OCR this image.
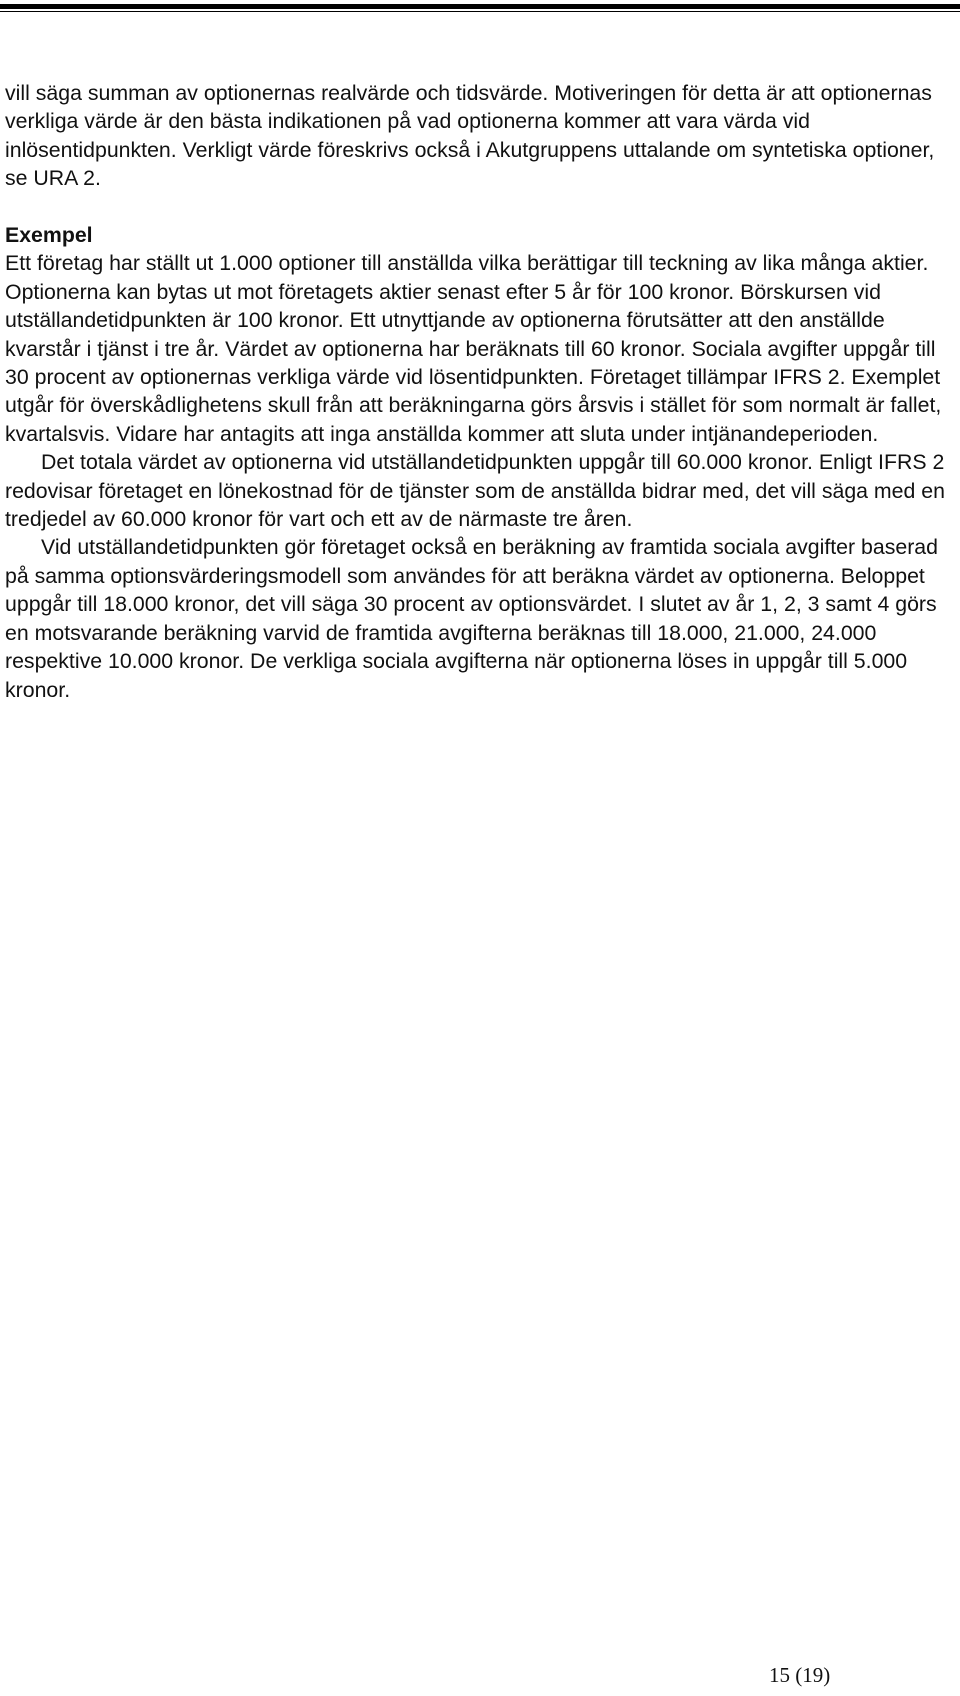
vill säga summan av optionernas realvärde och tidsvärde. Motiveringen för detta är att optionernas verkliga värde är den bästa indikationen på vad optionerna kommer att vara värda vid inlösentidpunkten. Verkligt värde föreskrivs också i Akutgruppens uttalande om syntetiska optioner, se URA 2.

Exempel

Ett företag har ställt ut 1.000 optioner till anställda vilka berättigar till teckning av lika många aktier. Optionerna kan bytas ut mot företagets aktier senast efter 5 år för 100 kronor. Börskursen vid utställandetidpunkten är 100 kronor. Ett utnyttjande av optionerna förutsätter att den anställde kvarstår i tjänst i tre år. Värdet av optionerna har beräknats till 60 kronor. Sociala avgifter uppgår till 30 procent av optionernas verkliga värde vid lösentidpunkten. Företaget tillämpar IFRS 2. Exemplet utgår för överskådlighetens skull från att beräkningarna görs årsvis i stället för som normalt är fallet, kvartalsvis. Vidare har antagits att inga anställda kommer att sluta under intjänandeperioden.

Det totala värdet av optionerna vid utställandetidpunkten uppgår till 60.000 kronor. Enligt IFRS 2 redovisar företaget en lönekostnad för de tjänster som de anställda bidrar med, det vill säga med en tredjedel av 60.000 kronor för vart och ett av de närmaste tre åren.

Vid utställandetidpunkten gör företaget också en beräkning av framtida sociala avgifter baserad på samma optionsvärderingsmodell som användes för att beräkna värdet av optionerna. Beloppet uppgår till 18.000 kronor, det vill säga 30 procent av optionsvärdet. I slutet av år 1, 2, 3 samt 4 görs en motsvarande beräkning varvid de framtida avgifterna beräknas till 18.000, 21.000, 24.000 respektive 10.000 kronor. De verkliga sociala avgifterna när optionerna löses in uppgår till 5.000 kronor.

15 (19)
